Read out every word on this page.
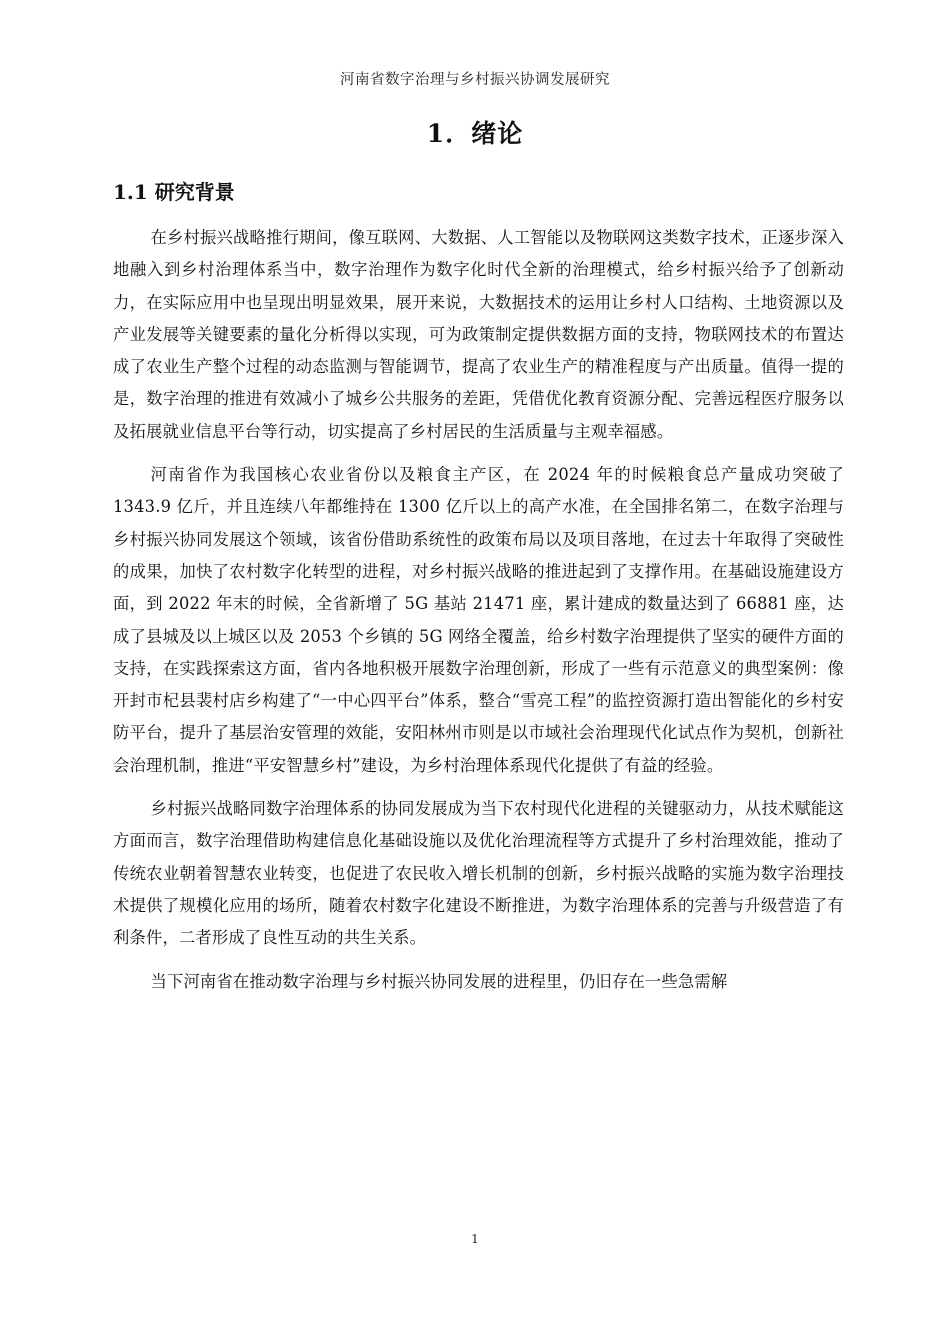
河南省数字治理与乡村振兴协调发展研究
1．绪论
1.1 研究背景

在乡村振兴战略推行期间，像互联网、大数据、人工智能以及物联网这类数字技术，正逐步深入地融入到乡村治理体系当中，数字治理作为数字化时代全新的治理模式，给乡村振兴给予了创新动力，在实际应用中也呈现出明显效果，展开来说，大数据技术的运用让乡村人口结构、土地资源以及产业发展等关键要素的量化分析得以实现，可为政策制定提供数据方面的支持，物联网技术的布置达成了农业生产整个过程的动态监测与智能调节，提高了农业生产的精准程度与产出质量。值得一提的是，数字治理的推进有效减小了城乡公共服务的差距，凭借优化教育资源分配、完善远程医疗服务以及拓展就业信息平台等行动，切实提高了乡村居民的生活质量与主观幸福感。

河南省作为我国核心农业省份以及粮食主产区，在 2024 年的时候粮食总产量成功突破了 1343.9 亿斤，并且连续八年都维持在 1300 亿斤以上的高产水准，在全国排名第二，在数字治理与乡村振兴协同发展这个领域，该省份借助系统性的政策布局以及项目落地，在过去十年取得了突破性的成果，加快了农村数字化转型的进程，对乡村振兴战略的推进起到了支撑作用。在基础设施建设方面，到 2022 年末的时候，全省新增了 5G 基站 21471 座，累计建成的数量达到了 66881 座，达成了县城及以上城区以及 2053 个乡镇的 5G 网络全覆盖，给乡村数字治理提供了坚实的硬件方面的支持，在实践探索这方面，省内各地积极开展数字治理创新，形成了一些有示范意义的典型案例：像开封市杞县裴村店乡构建了“一中心四平台”体系，整合“雪亮工程”的监控资源打造出智能化的乡村安防平台，提升了基层治安管理的效能，安阳林州市则是以市域社会治理现代化试点作为契机，创新社会治理机制，推进“平安智慧乡村”建设，为乡村治理体系现代化提供了有益的经验。

乡村振兴战略同数字治理体系的协同发展成为当下农村现代化进程的关键驱动力，从技术赋能这方面而言，数字治理借助构建信息化基础设施以及优化治理流程等方式提升了乡村治理效能，推动了传统农业朝着智慧农业转变，也促进了农民收入增长机制的创新，乡村振兴战略的实施为数字治理技术提供了规模化应用的场所，随着农村数字化建设不断推进，为数字治理体系的完善与升级营造了有利条件，二者形成了良性互动的共生关系。

当下河南省在推动数字治理与乡村振兴协同发展的进程里，仍旧存在一些急需解

1
